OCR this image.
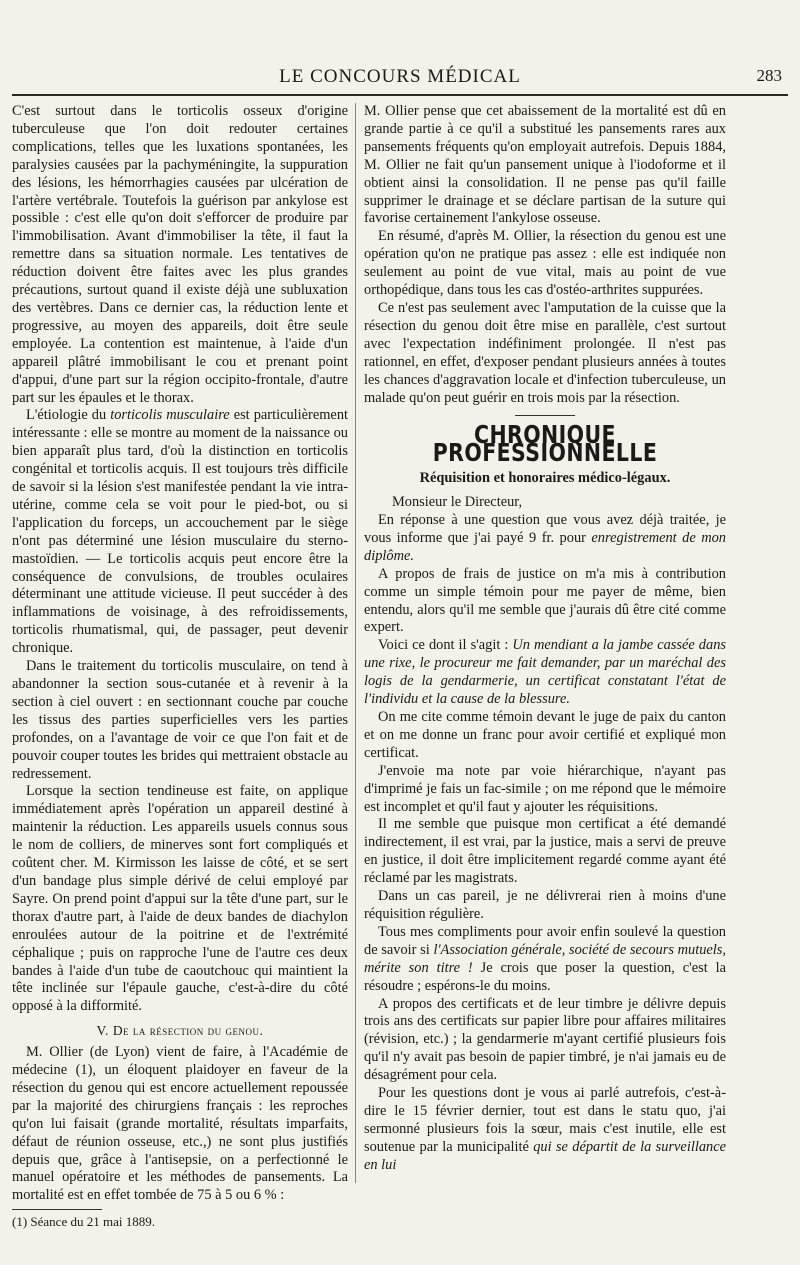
LE CONCOURS MÉDICAL	283

C'est surtout dans le torticolis osseux d'origine tuberculeuse que l'on doit redouter certaines complications, telles que les luxations spontanées, les paralysies causées par la pachyméningite, la suppuration des lésions, les hémorrhagies causées par ulcération de l'artère vertébrale. Toutefois la guérison par ankylose est possible : c'est elle qu'on doit s'efforcer de produire par l'immobilisation. Avant d'immobiliser la tête, il faut la remettre dans sa situation normale. Les tentatives de réduction doivent être faites avec les plus grandes précautions, surtout quand il existe déjà une subluxation des vertèbres. Dans ce dernier cas, la réduction lente et progressive, au moyen des appareils, doit être seule employée. La contention est maintenue, à l'aide d'un appareil plâtré immobilisant le cou et prenant point d'appui, d'une part sur la région occipito-frontale, d'autre part sur les épaules et le thorax.

L'étiologie du torticolis musculaire est particulièrement intéressante : elle se montre au moment de la naissance ou bien apparaît plus tard, d'où la distinction en torticolis congénital et torticolis acquis. Il est toujours très difficile de savoir si la lésion s'est manifestée pendant la vie intra-utérine, comme cela se voit pour le pied-bot, ou si l'application du forceps, un accouchement par le siège n'ont pas déterminé une lésion musculaire du sterno-mastoïdien. — Le torticolis acquis peut encore être la conséquence de convulsions, de troubles oculaires déterminant une attitude vicieuse. Il peut succéder à des inflammations de voisinage, à des refroidissements, torticolis rhumatismal, qui, de passager, peut devenir chronique.

Dans le traitement du torticolis musculaire, on tend à abandonner la section sous-cutanée et à revenir à la section à ciel ouvert : en sectionnant couche par couche les tissus des parties superficielles vers les parties profondes, on a l'avantage de voir ce que l'on fait et de pouvoir couper toutes les brides qui mettraient obstacle au redressement.

Lorsque la section tendineuse est faite, on applique immédiatement après l'opération un appareil destiné à maintenir la réduction. Les appareils usuels connus sous le nom de colliers, de minerves sont fort compliqués et coûtent cher. M. Kirmisson les laisse de côté, et se sert d'un bandage plus simple dérivé de celui employé par Sayre. On prend point d'appui sur la tête d'une part, sur le thorax d'autre part, à l'aide de deux bandes de diachylon enroulées autour de la poitrine et de l'extrémité céphalique ; puis on rapproche l'une de l'autre ces deux bandes à l'aide d'un tube de caoutchouc qui maintient la tête inclinée sur l'épaule gauche, c'est-à-dire du côté opposé à la difformité.

V. De la résection du genou.

M. Ollier (de Lyon) vient de faire, à l'Académie de médecine (1), un éloquent plaidoyer en faveur de la résection du genou qui est encore actuellement repoussée par la majorité des chirurgiens français : les reproches qu'on lui faisait (grande mortalité, résultats imparfaits, défaut de réunion osseuse, etc.,) ne sont plus justifiés depuis que, grâce à l'antisepsie, on a perfectionné le manuel opératoire et les méthodes de pansements. La mortalité est en effet tombée de 75 à 5 ou 6 % :

(1) Séance du 21 mai 1889.

M. Ollier pense que cet abaissement de la mortalité est dû en grande partie à ce qu'il a substitué les pansements rares aux pansements fréquents qu'on employait autrefois. Depuis 1884, M. Ollier ne fait qu'un pansement unique à l'iodoforme et il obtient ainsi la consolidation. Il ne pense pas qu'il faille supprimer le drainage et se déclare partisan de la suture qui favorise certainement l'ankylose osseuse.

En résumé, d'après M. Ollier, la résection du genou est une opération qu'on ne pratique pas assez : elle est indiquée non seulement au point de vue vital, mais au point de vue orthopédique, dans tous les cas d'ostéo-arthrites suppurées.

Ce n'est pas seulement avec l'amputation de la cuisse que la résection du genou doit être mise en parallèle, c'est surtout avec l'expectation indéfiniment prolongée. Il n'est pas rationnel, en effet, d'exposer pendant plusieurs années à toutes les chances d'aggravation locale et d'infection tuberculeuse, un malade qu'on peut guérir en trois mois par la résection.

CHRONIQUE PROFESSIONNELLE

Réquisition et honoraires médico-légaux.

Monsieur le Directeur,

En réponse à une question que vous avez déjà traitée, je vous informe que j'ai payé 9 fr. pour enregistrement de mon diplôme.

A propos de frais de justice on m'a mis à contribution comme un simple témoin pour me payer de même, bien entendu, alors qu'il me semble que j'aurais dû être cité comme expert.

Voici ce dont il s'agit : Un mendiant a la jambe cassée dans une rixe, le procureur me fait demander, par un maréchal des logis de la gendarmerie, un certificat constatant l'état de l'individu et la cause de la blessure.

On me cite comme témoin devant le juge de paix du canton et on me donne un franc pour avoir certifié et expliqué mon certificat.

J'envoie ma note par voie hiérarchique, n'ayant pas d'imprimé je fais un fac-simile ; on me répond que le mémoire est incomplet et qu'il faut y ajouter les réquisitions.

Il me semble que puisque mon certificat a été demandé indirectement, il est vrai, par la justice, mais a servi de preuve en justice, il doit être implicitement regardé comme ayant été réclamé par les magistrats.

Dans un cas pareil, je ne délivrerai rien à moins d'une réquisition régulière.

Tous mes compliments pour avoir enfin soulevé la question de savoir si l'Association générale, société de secours mutuels, mérite son titre ! Je crois que poser la question, c'est la résoudre ; espérons-le du moins.

A propos des certificats et de leur timbre je délivre depuis trois ans des certificats sur papier libre pour affaires militaires (révision, etc.) ; la gendarmerie m'ayant certifié plusieurs fois qu'il n'y avait pas besoin de papier timbré, je n'ai jamais eu de désagrément pour cela.

Pour les questions dont je vous ai parlé autrefois, c'est-à-dire le 15 février dernier, tout est dans le statu quo, j'ai sermonné plusieurs fois la sœur, mais c'est inutile, elle est soutenue par la municipalité qui se départit de la surveillance en lui
